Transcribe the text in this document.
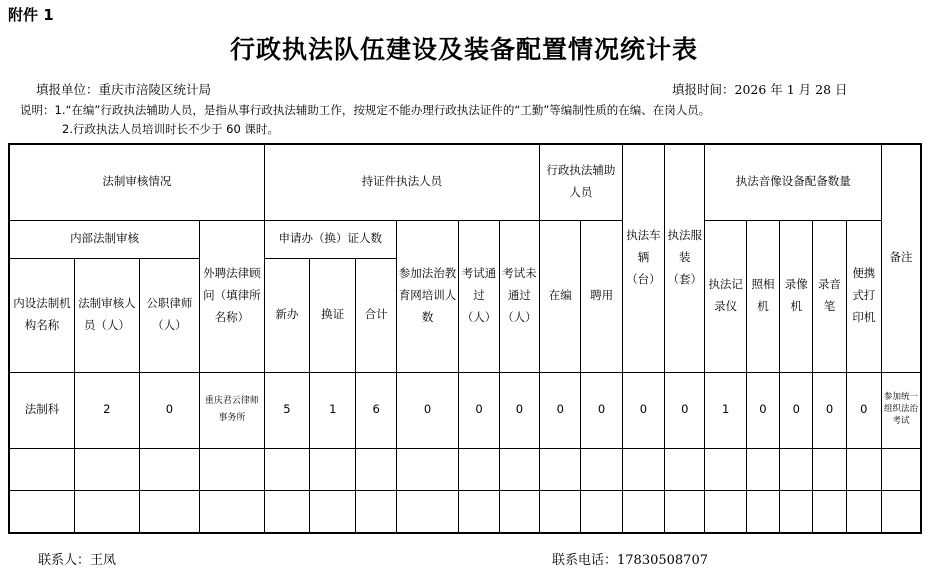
附件 1
行政执法队伍建设及装备配置情况统计表
填报单位：重庆市涪陵区统计局	填报时间：2026 年 1 月 28 日
说明：1.“在编”行政执法辅助人员，是指从事行政执法辅助工作，按规定不能办理行政执法证件的“工勤”等编制性质的在编、在岗人员。
2.行政执法人员培训时长不少于 60 课时。
法制审核情况				持证件执法人员						行政执法辅助人员		执法车辆（台）	执法服装（套）	执法音像设备配备数量					备注
内部法制审核			外聘法律顾问（填律所名称）	申请办（换）证人数			参加法治教育网培训人数	考试通过（人）	考试未通过（人）	在编	聘用			执法记录仪	照相机	录像机	录音笔	便携式打印机	
内设法制机构名称	法制审核人员（人）	公职律师（人）		新办	换证	合计													
法制科	2	0	重庆君云律师事务所	5	1	6	0	0	0	0	0	0	0	1	0	0	0	0	参加统一组织法治考试

联系人：王凤	联系电话：17830508707
